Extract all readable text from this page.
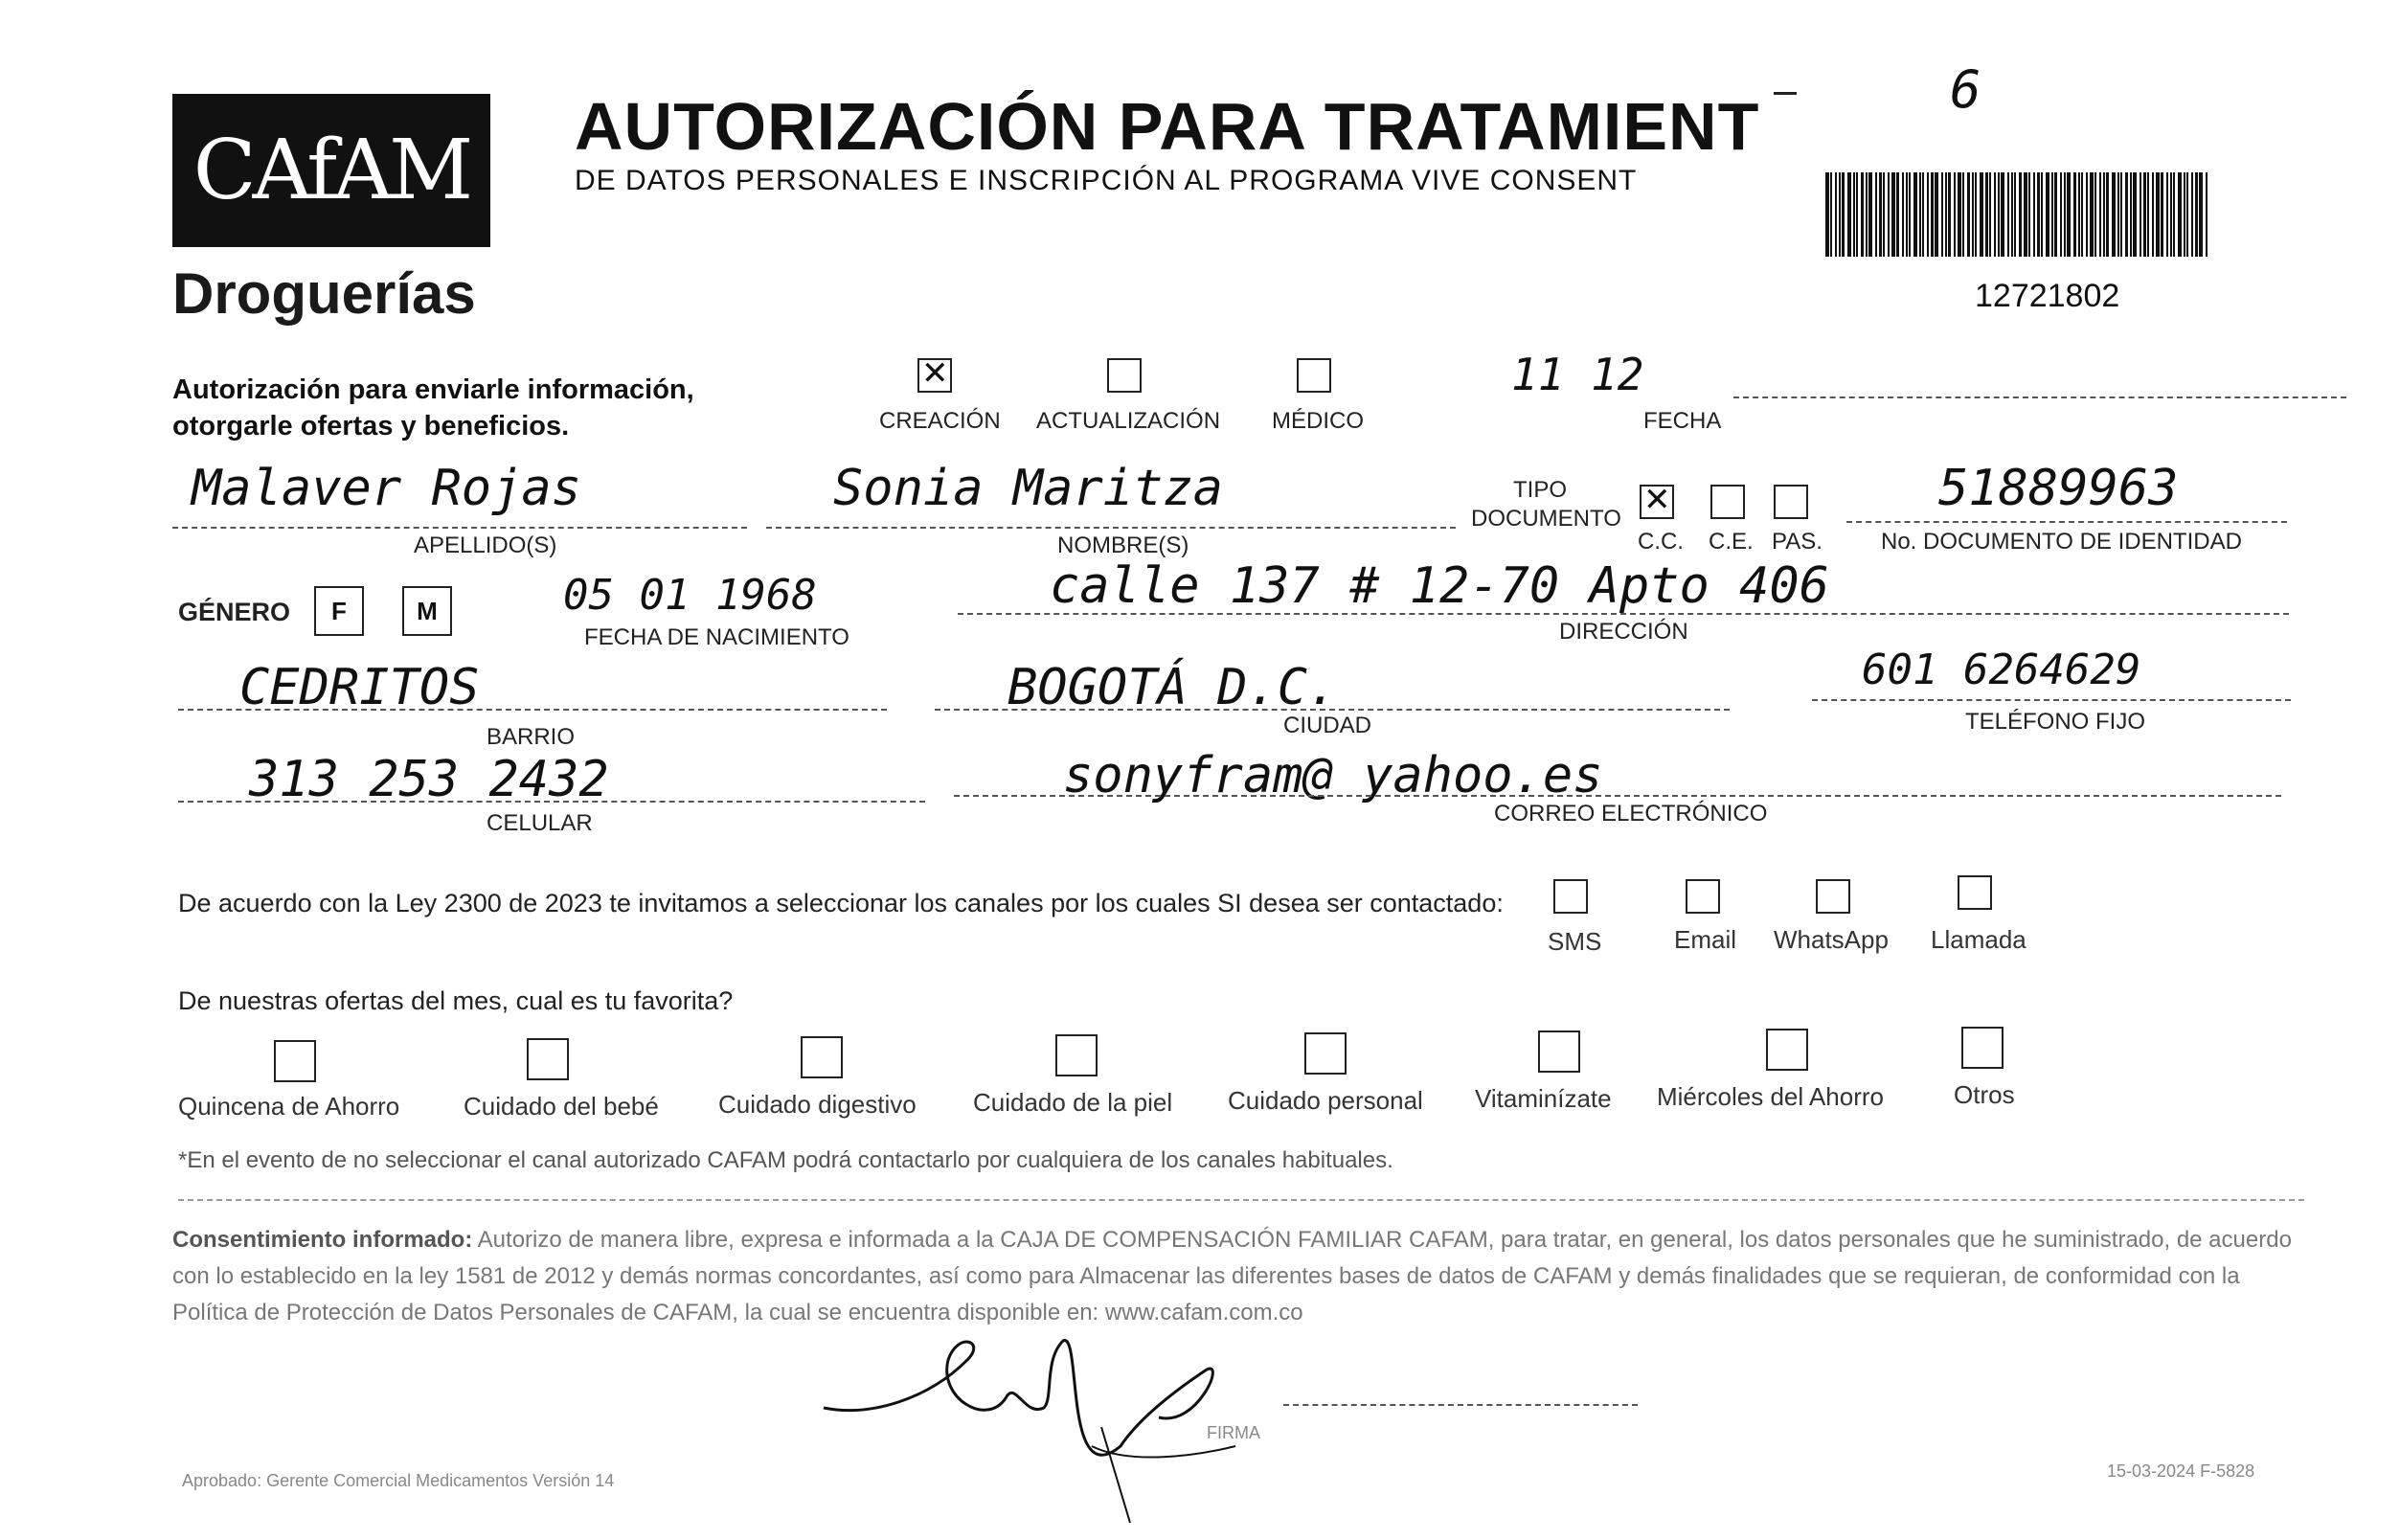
CAfAM
Droguerías
AUTORIZACIÓN PARA TRATAMIENT
DE DATOS PERSONALES E INSCRIPCIÓN AL PROGRAMA VIVE CONSENT
6
12721802
Autorización para enviarle información,
otorgarle ofertas y beneficios.
✕	CREACIÓN ACTUALIZACIÓN MÉDICO
11 12
FECHA
Malaver Rojas
APELLIDO(S)
Sonia Maritza
NOMBRE(S)
TIPO
DOCUMENTO
✕
C.C. C.E. PAS.
51889963
No. DOCUMENTO DE IDENTIDAD
GÉNERO	F	M	05 01 1968
FECHA DE NACIMIENTO
calle 137 # 12-70 Apto 406
DIRECCIÓN
CEDRITOS
BARRIO
BOGOTÁ D.C.
CIUDAD
601 6264629
TELÉFONO FIJO
313 253 2432
CELULAR
sonyfram@ yahoo.es
CORREO ELECTRÓNICO
De acuerdo con la Ley 2300 de 2023 te invitamos a seleccionar los canales por los cuales SI desea ser contactado:
SMS	Email WhatsApp Llamada
De nuestras ofertas del mes, cual es tu favorita?
Quincena de Ahorro	Cuidado del bebé Cuidado digestivo Cuidado de la piel Cuidado personal Vitaminízate Miércoles del Ahorro	Otros
*En el evento de no seleccionar el canal autorizado CAFAM podrá contactarlo por cualquiera de los canales habituales.
Consentimiento informado: Autorizo de manera libre, expresa e informada a la CAJA DE COMPENSACIÓN FAMILIAR CAFAM, para tratar, en general, los datos personales que he suministrado, de acuerdo con lo establecido en la ley 1581 de 2012 y demás normas concordantes, así como para Almacenar las diferentes bases de datos de CAFAM y demás finalidades que se requieran, de conformidad con la Política de Protección de Datos Personales de CAFAM, la cual se encuentra disponible en: www.cafam.com.co
FIRMA
Aprobado: Gerente Comercial Medicamentos Versión 14	15-03-2024 F-5828
